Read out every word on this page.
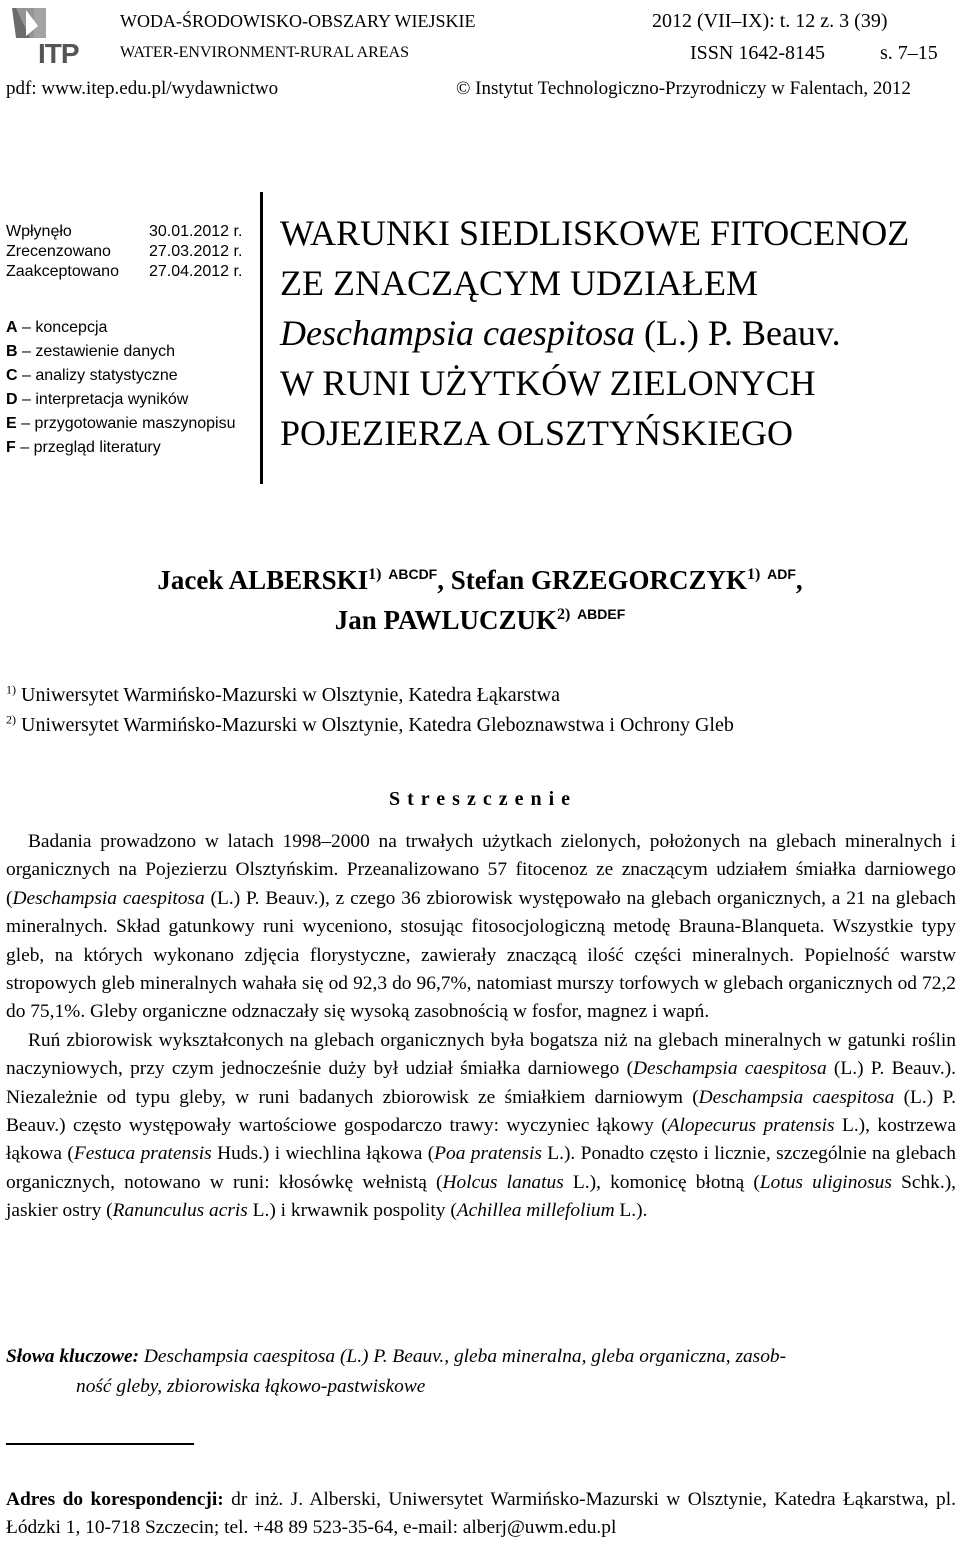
ITP
WODA-ŚRODOWISKO-OBSZARY WIEJSKIE
WATER-ENVIRONMENT-RURAL AREAS
2012 (VII–IX): t. 12 z. 3 (39)
ISSN 1642-8145	s. 7–15
pdf: www.itep.edu.pl/wydawnictwo	© Instytut Technologiczno-Przyrodniczy w Falentach, 2012
Wpłynęło	30.01.2012 r.
Zrecenzowano 27.03.2012 r.
Zaakceptowano 27.04.2012 r.
A – koncepcja
B – zestawienie danych
C – analizy statystyczne
D – interpretacja wyników
E – przygotowanie maszynopisu
F – przegląd literatury
WARUNKI SIEDLISKOWE FITOCENOZ
ZE ZNACZĄCYM UDZIAŁEM
Deschampsia caespitosa (L.) P. Beauv.
W RUNI UŻYTKÓW ZIELONYCH
POJEZIERZA OLSZTYŃSKIEGO
Jacek ALBERSKI$^{1)}$ $^{ABCDF}$, Stefan GRZEGORCZYK$^{1)}$ $^{ADF}$,
Jan PAWLUCZUK$^{2)}$ $^{ABDEF}$
$^{1)}$ Uniwersytet Warmińsko-Mazurski w Olsztynie, Katedra Łąkarstwa
$^{2)}$ Uniwersytet Warmińsko-Mazurski w Olsztynie, Katedra Gleboznawstwa i Ochrony Gleb
S t r e s z c z e n i e

Badania prowadzono w latach 1998–2000 na trwałych użytkach zielonych, położonych na glebach mineralnych i organicznych na Pojezierzu Olsztyńskim. Przeanalizowano 57 fitocenoz ze znaczącym udziałem śmiałka darniowego (Deschampsia caespitosa (L.) P. Beauv.), z czego 36 zbiorowisk występowało na glebach organicznych, a 21 na glebach mineralnych. Skład gatunkowy runi wyceniono, stosując fitosocjologiczną metodę Brauna-Blanqueta. Wszystkie typy gleb, na których wykonano zdjęcia florystyczne, zawierały znaczącą ilość części mineralnych. Popielność warstw stropowych gleb mineralnych wahała się od 92,3 do 96,7%, natomiast murszy torfowych w glebach organicznych od 72,2 do 75,1%. Gleby organiczne odznaczały się wysoką zasobnością w fosfor, magnez i wapń.

Ruń zbiorowisk wykształconych na glebach organicznych była bogatsza niż na glebach mineralnych w gatunki roślin naczyniowych, przy czym jednocześnie duży był udział śmiałka darniowego (Deschampsia caespitosa (L.) P. Beauv.). Niezależnie od typu gleby, w runi badanych zbiorowisk ze śmiałkiem darniowym (Deschampsia caespitosa (L.) P. Beauv.) często występowały wartościowe gospodarczo trawy: wyczyniec łąkowy (Alopecurus pratensis L.), kostrzewa łąkowa (Festuca pratensis Huds.) i wiechlina łąkowa (Poa pratensis L.). Ponadto często i licznie, szczególnie na glebach organicznych, notowano w runi: kłosówkę wełnistą (Holcus lanatus L.), komonicę błotną (Lotus uliginosus Schk.), jaskier ostry (Ranunculus acris L.) i krwawnik pospolity (Achillea millefolium L.).

Słowa kluczowe: Deschampsia caespitosa (L.) P. Beauv., gleba mineralna, gleba organiczna, zasob-
ność gleby, zbiorowiska łąkowo-pastwiskowe
Adres do korespondencji: dr inż. J. Alberski, Uniwersytet Warmińsko-Mazurski w Olsztynie, Katedra Łąkarstwa, pl. Łódzki 1, 10-718 Szczecin; tel. +48 89 523-35-64, e-mail: alberj@uwm.edu.pl
